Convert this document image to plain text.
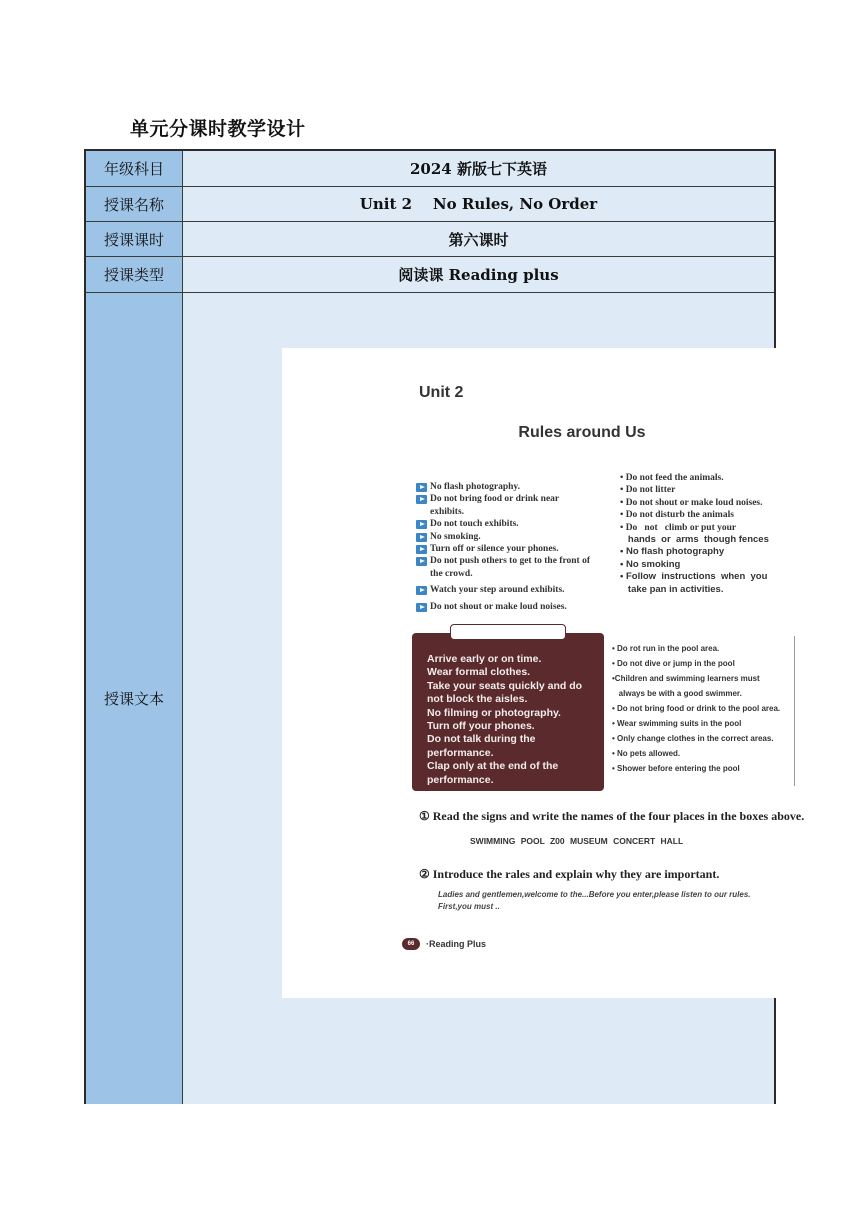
单元分课时教学设计
年级科目	2024 新版七下英语
授课名称	Unit 2    No Rules, No Order
授课课时	第六课时
授课类型	阅读课 Reading plus
授课文本
Unit 2
Rules around Us
No flash photography.
Do not bring food or drink near exhibits.
Do not touch exhibits.
No smoking.
Turn off or silence your phones.
Do not push others to get to the front of the crowd.
Watch your step around exhibits.
Do not shout or make loud noises.
• Do not feed the animals.
• Do not litter
• Do not shout or make loud noises.
• Do not disturb the animals
• Do   not   climb or put your
hands  or  arms  though fences
• No flash photography
• No smoking
• Follow  instructions  when  you
take pan in activities.
Arrive early or on time.
Wear formal clothes.
Take your seats quickly and do
not block the aisles.
No filming or photography.
Turn off your phones.
Do not talk during the
performance.
Clap only at the end of the
performance.
• Do rot run in the pool area.
• Do not dive or jump in the pool
•Children and swimming learners must
always be with a good swimmer.
• Do not bring food or drink to the pool area.
• Wear swimming suits in the pool
• Only change clothes in the correct areas.
• No pets allowed.
• Shower before entering the pool
① Read the signs and write the names of the four places in the boxes above.
SWIMMING POOL Z00 MUSEUM CONCERT HALL
② Introduce the rales and explain why they are important.
Ladies and gentlemen,welcome to the...Before you enter,please listen to our rules.
First,you must ..
66	·Reading Plus
